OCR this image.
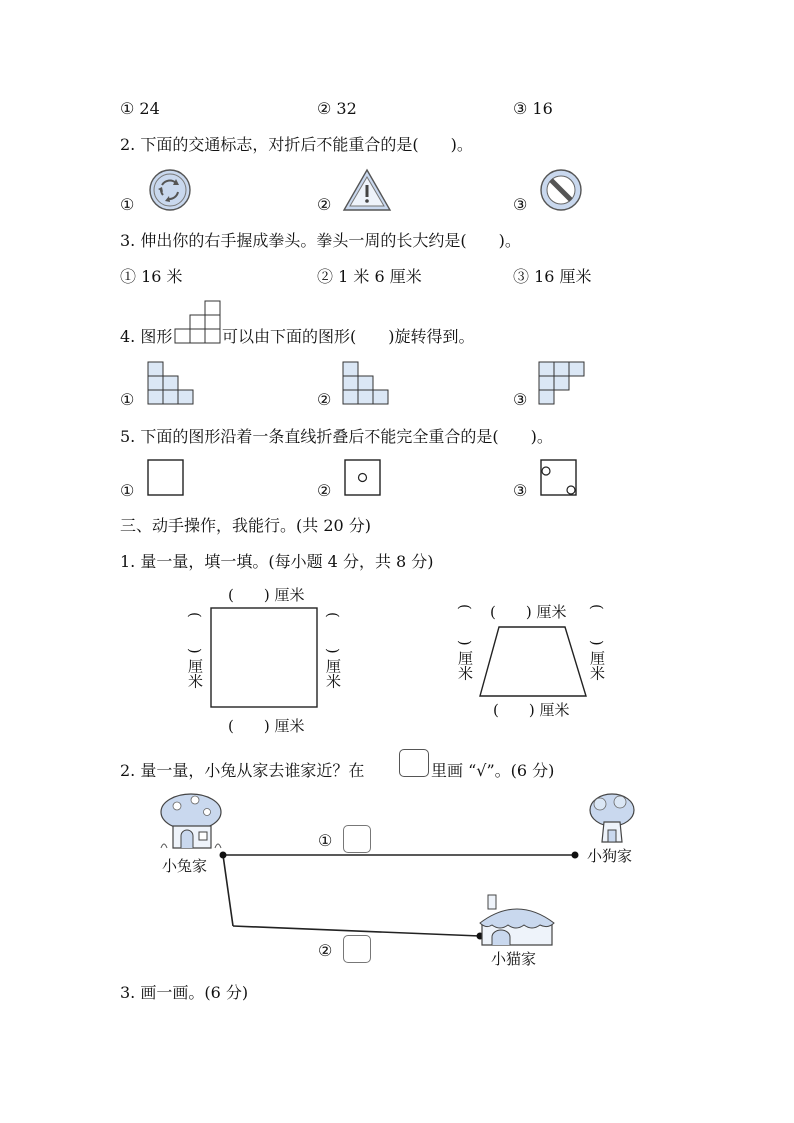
① 24	② 32	③ 16
2. 下面的交通标志，对折后不能重合的是(　　)。
①	②	③
3. 伸出你的右手握成拳头。拳头一周的长大约是(　　)。
① 16 米	② 1 米 6 厘米	③ 16 厘米
4. 图形	可以由下面的图形(　　)旋转得到。
①	②	③
5. 下面的图形沿着一条直线折叠后不能完全重合的是(　　)。
①	②	③
三、动手操作，我能行。(共 20 分)
1. 量一量，填一填。(每小题 4 分，共 8 分)
(　　) 厘米
(　　) 厘米
(　　) 厘米	(　　) 厘米	(　　) 厘米
(　　) 厘米
(　　) 厘米	(　　) 厘米
2. 量一量，小兔从家去谁家近？在	里画 “√”。(6 分)
小兔家
小狗家
小猫家
①
②
3. 画一画。(6 分)
